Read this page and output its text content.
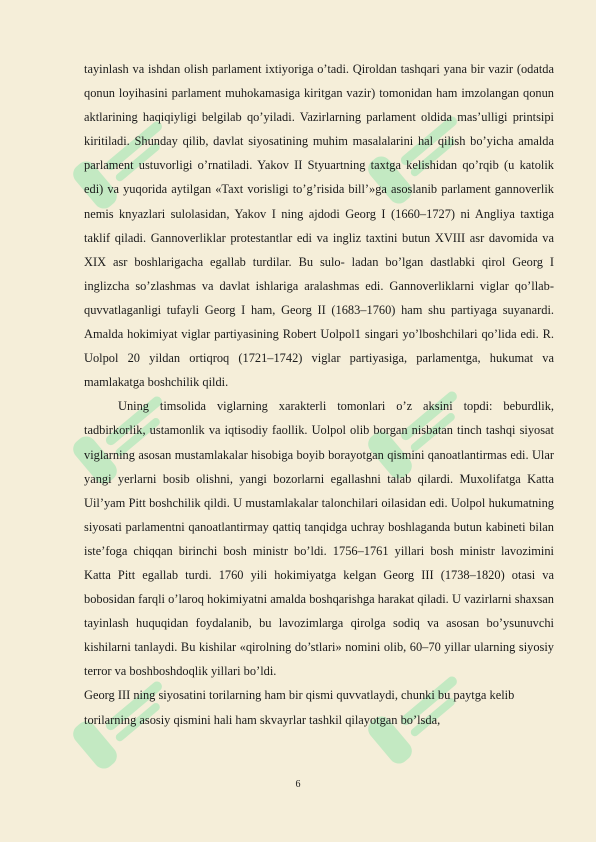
tayinlash va ishdan olish parlament ixtiyoriga o’tadi. Qiroldan tashqari yana bir vazir (odatda qonun loyihasini parlament muhokamasiga kiritgan vazir) tomonidan ham imzolangan qonun aktlarining haqiqiyligi belgilab qo’yiladi. Vazirlarning parlament oldida mas’ulligi printsipi kiritiladi. Shunday qilib, davlat siyosatining muhim masalalarini hal qilish bo’yicha amalda parlament ustuvorligi o’rnatiladi. Yakov II Styuartning taxtga kelishidan qo’rqib (u katolik edi) va yuqorida aytilgan «Taxt vorisligi to’g’risida bill’»ga asoslanib parlament gannoverlik nemis knyazlari sulolasidan, Yakov I ning ajdodi Georg I (1660–1727) ni Angliya taxtiga taklif qiladi. Gannoverliklar protestantlar edi va ingliz taxtini butun XVIII asr davomida va XIX asr boshlarigacha egallab turdilar. Bu sulo- ladan bo’lgan dastlabki qirol Georg I inglizcha so’zlashmas va davlat ishlariga aralashmas edi. Gannoverliklarni viglar qo’llab- quvvatlaganligi tufayli Georg I ham, Georg II (1683–1760) ham shu partiyaga suyanardi. Amalda hokimiyat viglar partiyasining Robert Uolpol1 singari yo’lboshchilari qo’lida edi. R. Uolpol 20 yildan ortiqroq (1721–1742) viglar partiyasiga, parlamentga, hukumat va mamlakatga boshchilik qildi.

Uning timsolida viglarning xarakterli tomonlari o’z aksini topdi: beburdlik, tadbirkorlik, ustamonlik va iqtisodiy faollik. Uolpol olib borgan nisbatan tinch tashqi siyosat viglarning asosan mustamlakalar hisobiga boyib borayotgan qismini qanoatlantirmas edi. Ular yangi yerlarni bosib olishni, yangi bozorlarni egallashni talab qilardi. Muxolifatga Katta Uil’yam Pitt boshchilik qildi. U mustamlakalar talonchilari oilasidan edi. Uolpol hukumatning siyosati parlamentni qanoatlantirmay qattiq tanqidga uchray boshlaganda butun kabineti bilan iste’foga chiqqan birinchi bosh ministr bo’ldi. 1756–1761 yillari bosh ministr lavozimini Katta Pitt egallab turdi. 1760 yili hokimiyatga kelgan Georg III (1738–1820) otasi va bobosidan farqli o’laroq hokimiyatni amalda boshqarishga harakat qiladi. U vazirlarni shaxsan tayinlash huquqidan foydalanib, bu lavozimlarga qirolga sodiq va asosan bo’ysunuvchi kishilarni tanlaydi. Bu kishilar «qirolning do’stlari» nomini olib, 60–70 yillar ularning siyosiy terror va boshboshdoqlik yillari bo’ldi.

Georg III ning siyosatini torilarning ham bir qismi quvvatlaydi, chunki bu paytga kelib torilarning asosiy qismini hali ham skvayrlar tashkil qilayotgan bo’lsda,

6
